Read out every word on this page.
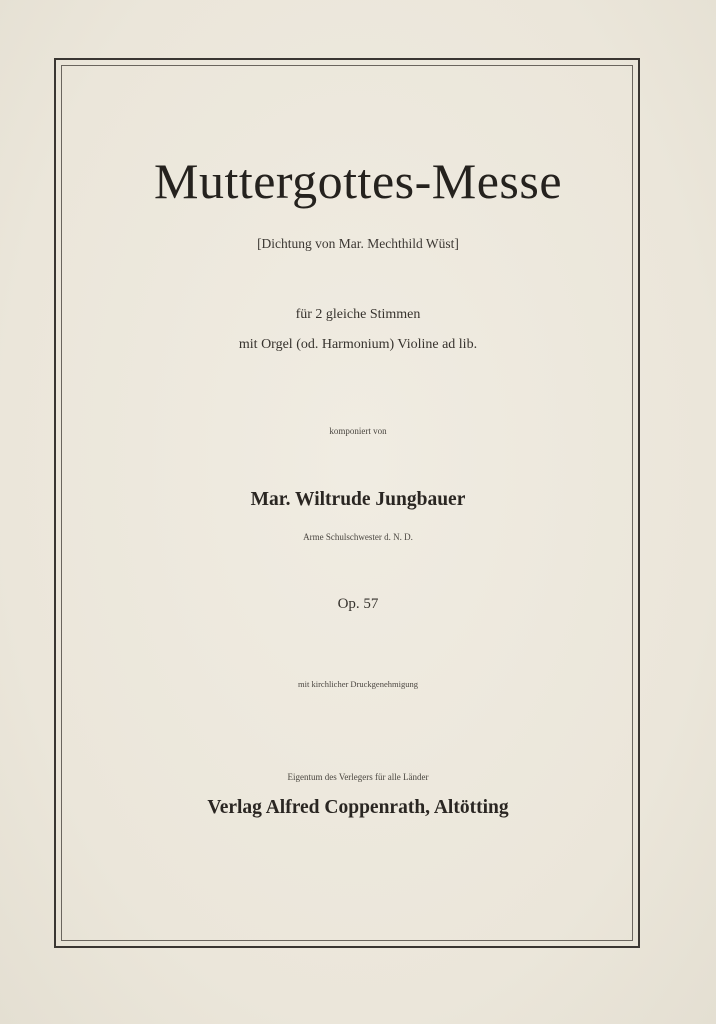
Muttergottes-Messe
[Dichtung von Mar. Mechthild Wüst]
für 2 gleiche Stimmen
mit Orgel (od. Harmonium) Violine ad lib.
komponiert von
Mar. Wiltrude Jungbauer
Arme Schulschwester d. N. D.
Op. 57
mit kirchlicher Druckgenehmigung
Eigentum des Verlegers für alle Länder
Verlag Alfred Coppenrath, Altötting
